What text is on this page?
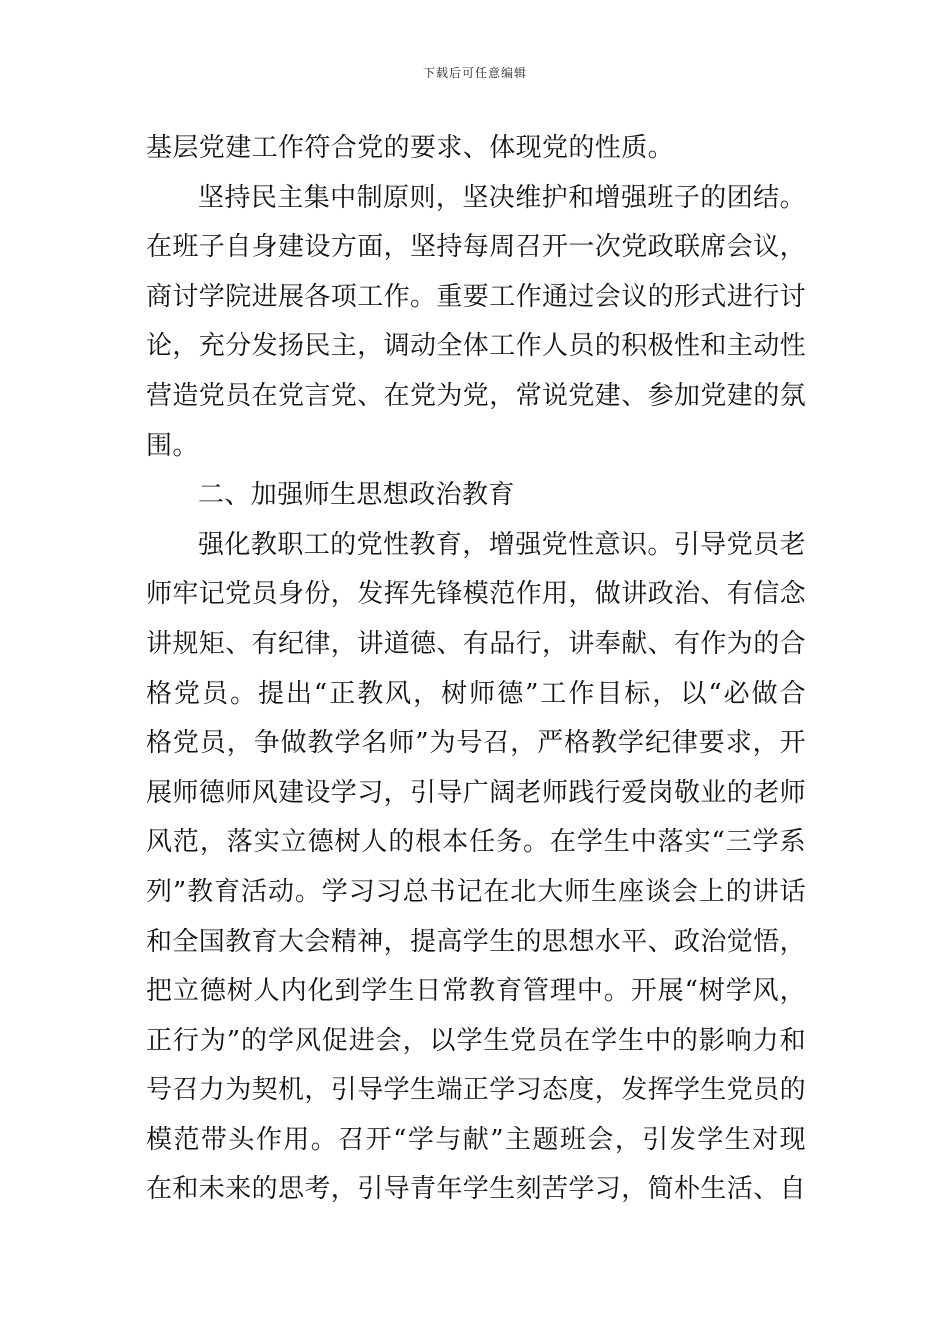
下载后可任意编辑
基层党建工作符合党的要求、体现党的性质。
坚持民主集中制原则，坚决维护和增强班子的团结。
在班子自身建设方面，坚持每周召开一次党政联席会议，
商讨学院进展各项工作。重要工作通过会议的形式进行讨
论，充分发扬民主，调动全体工作人员的积极性和主动性
营造党员在党言党、在党为党，常说党建、参加党建的氛
围。
二、加强师生思想政治教育
强化教职工的党性教育，增强党性意识。引导党员老
师牢记党员身份，发挥先锋模范作用，做讲政治、有信念
讲规矩、有纪律，讲道德、有品行，讲奉献、有作为的合
格党员。提出“正教风，树师德”工作目标，以“必做合
格党员，争做教学名师”为号召，严格教学纪律要求，开
展师德师风建设学习，引导广阔老师践行爱岗敬业的老师
风范，落实立德树人的根本任务。在学生中落实“三学系
列”教育活动。学习习总书记在北大师生座谈会上的讲话
和全国教育大会精神，提高学生的思想水平、政治觉悟，
把立德树人内化到学生日常教育管理中。开展“树学风，
正行为”的学风促进会，以学生党员在学生中的影响力和
号召力为契机，引导学生端正学习态度，发挥学生党员的
模范带头作用。召开“学与献”主题班会，引发学生对现
在和未来的思考，引导青年学生刻苦学习，简朴生活、自
